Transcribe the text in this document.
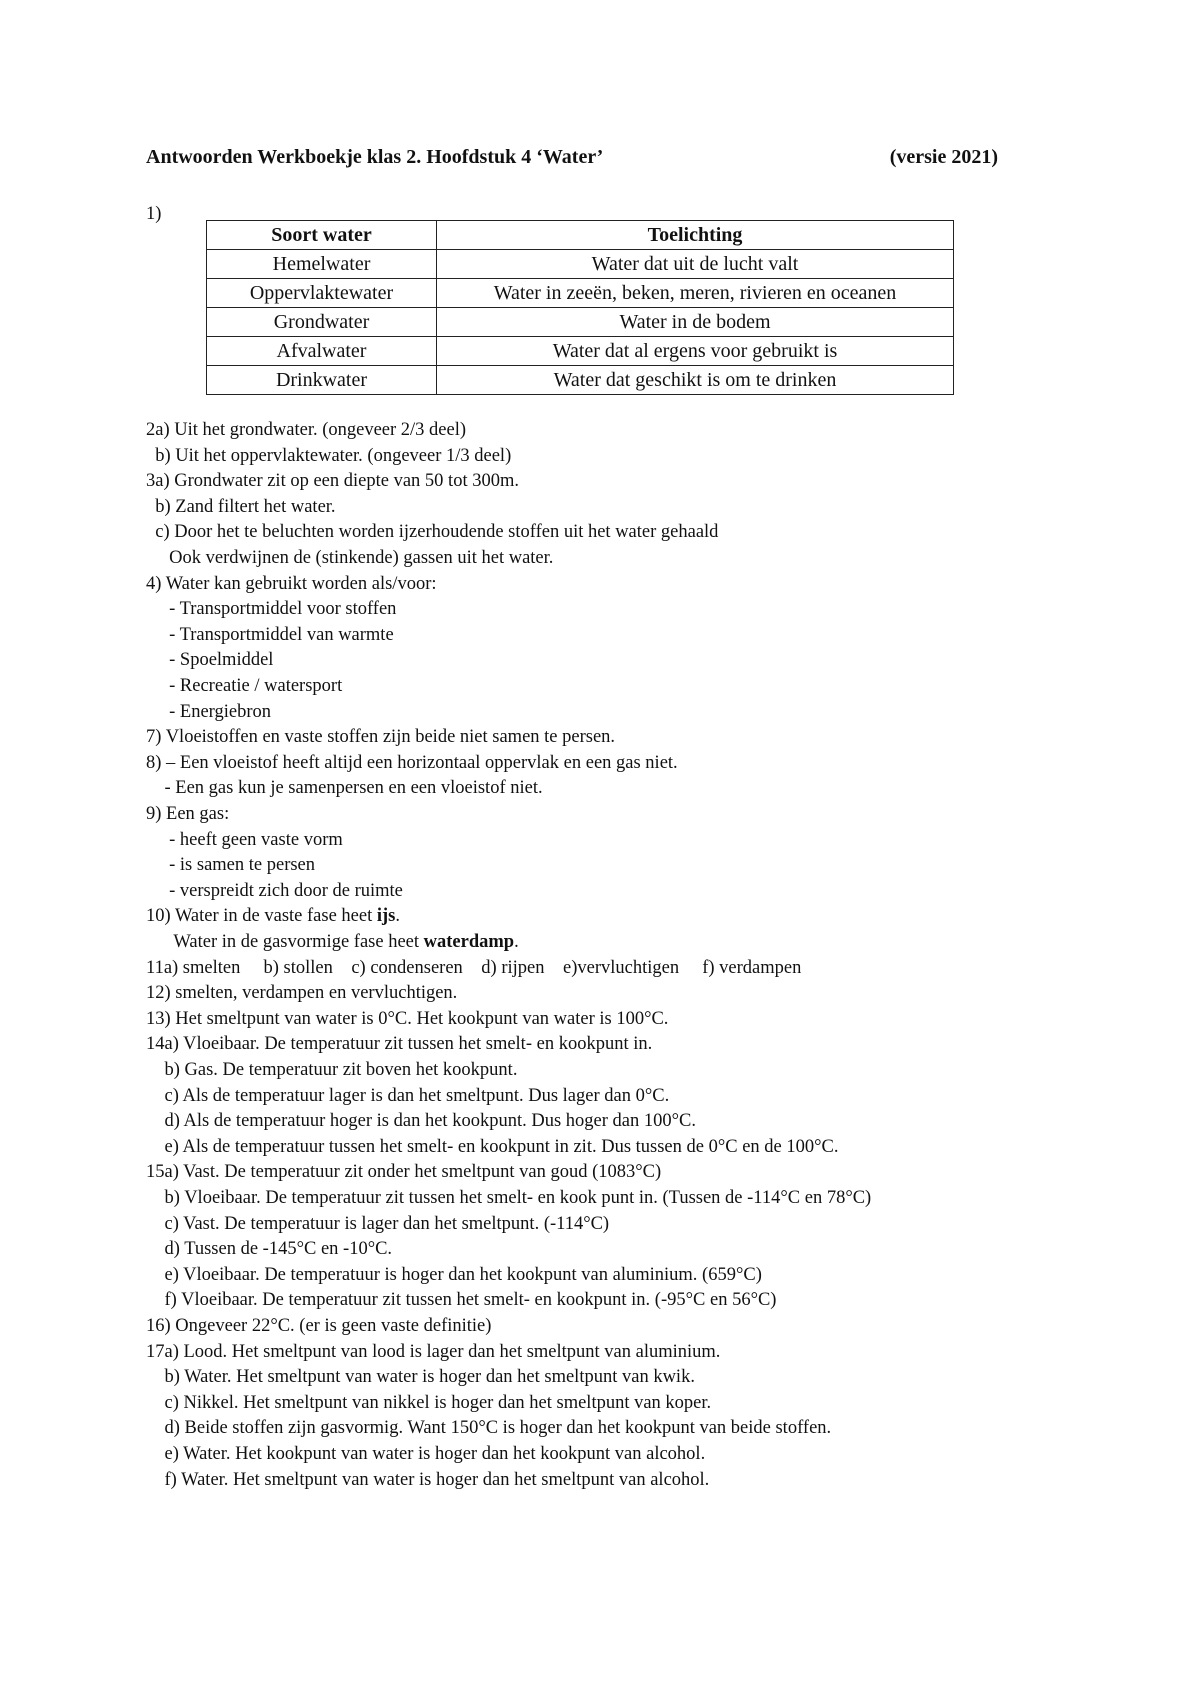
Antwoorden Werkboekje klas 2. Hoofdstuk 4 ‘Water’	(versie 2021)
1)
Soort water	Toelichting
Hemelwater	Water dat uit de lucht valt
Oppervlaktewater	Water in zeeën, beken, meren, rivieren en oceanen
Grondwater	Water in de bodem
Afvalwater	Water dat al ergens voor gebruikt is
Drinkwater	Water dat geschikt is om te drinken
2a) Uit het grondwater. (ongeveer 2/3 deel)
b) Uit het oppervlaktewater. (ongeveer 1/3 deel)
3a) Grondwater zit op een diepte van 50 tot 300m.
b) Zand filtert het water.
c) Door het te beluchten worden ijzerhoudende stoffen uit het water gehaald
Ook verdwijnen de (stinkende) gassen uit het water.
4) Water kan gebruikt worden als/voor:
- Transportmiddel voor stoffen
- Transportmiddel van warmte
- Spoelmiddel
- Recreatie / watersport
- Energiebron
7) Vloeistoffen en vaste stoffen zijn beide niet samen te persen.
8) – Een vloeistof heeft altijd een horizontaal oppervlak en een gas niet.
- Een gas kun je samenpersen en een vloeistof niet.
9) Een gas:
- heeft geen vaste vorm
- is samen te persen
- verspreidt zich door de ruimte
10) Water in de vaste fase heet ijs.
Water in de gasvormige fase heet waterdamp.
11a) smelten     b) stollen    c) condenseren    d) rijpen    e)vervluchtigen     f) verdampen
12) smelten, verdampen en vervluchtigen.
13) Het smeltpunt van water is 0°C. Het kookpunt van water is 100°C.
14a) Vloeibaar. De temperatuur zit tussen het smelt- en kookpunt in.
b) Gas. De temperatuur zit boven het kookpunt.
c) Als de temperatuur lager is dan het smeltpunt. Dus lager dan 0°C.
d) Als de temperatuur hoger is dan het kookpunt. Dus hoger dan 100°C.
e) Als de temperatuur tussen het smelt- en kookpunt in zit. Dus tussen de 0°C en de 100°C.
15a) Vast. De temperatuur zit onder het smeltpunt van goud (1083°C)
b) Vloeibaar. De temperatuur zit tussen het smelt- en kook punt in. (Tussen de -114°C en 78°C)
c) Vast. De temperatuur is lager dan het smeltpunt. (-114°C)
d) Tussen de -145°C en -10°C.
e) Vloeibaar. De temperatuur is hoger dan het kookpunt van aluminium. (659°C)
f) Vloeibaar. De temperatuur zit tussen het smelt- en kookpunt in. (-95°C en 56°C)
16) Ongeveer 22°C. (er is geen vaste definitie)
17a) Lood. Het smeltpunt van lood is lager dan het smeltpunt van aluminium.
b) Water. Het smeltpunt van water is hoger dan het smeltpunt van kwik.
c) Nikkel. Het smeltpunt van nikkel is hoger dan het smeltpunt van koper.
d) Beide stoffen zijn gasvormig. Want 150°C is hoger dan het kookpunt van beide stoffen.
e) Water. Het kookpunt van water is hoger dan het kookpunt van alcohol.
f) Water. Het smeltpunt van water is hoger dan het smeltpunt van alcohol.
